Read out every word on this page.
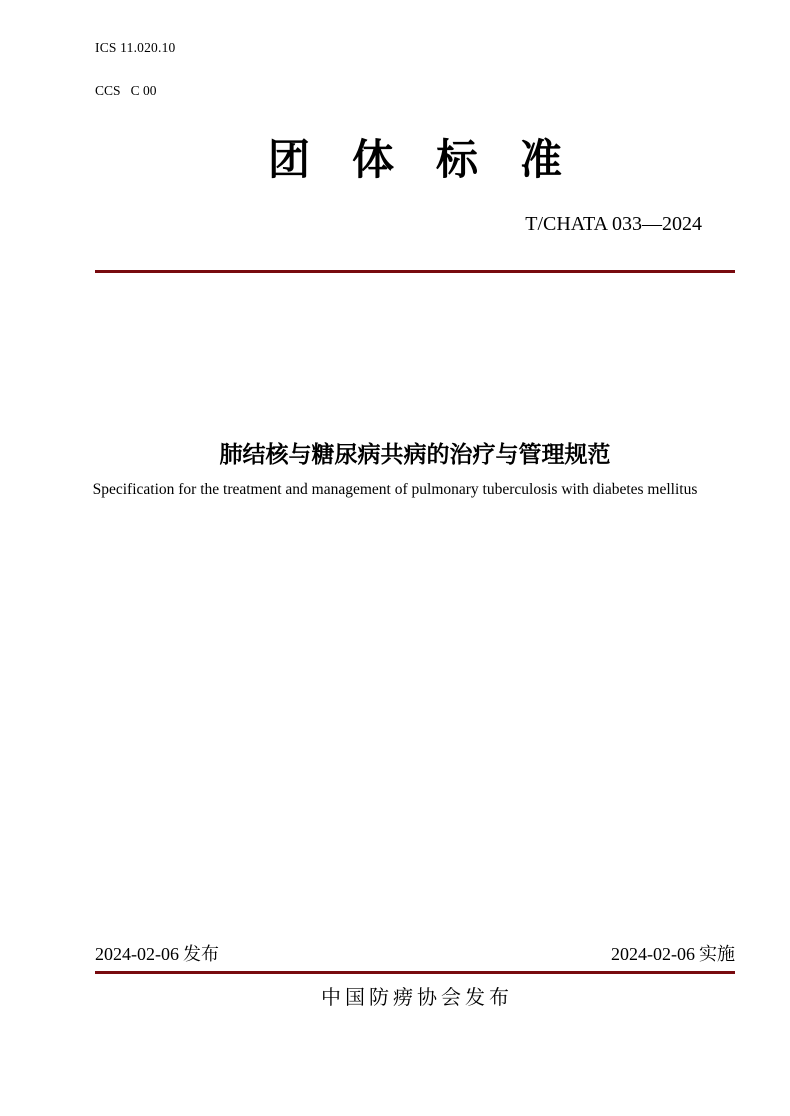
ICS 11.020.10
CCS   C 00
团体标准
T/CHATA 033—2024
肺结核与糖尿病共病的治疗与管理规范
Specification for the treatment and management of pulmonary tuberculosis with diabetes mellitus
2024-02-06 发布	2024-02-06 实施
中国防痨协会发布
